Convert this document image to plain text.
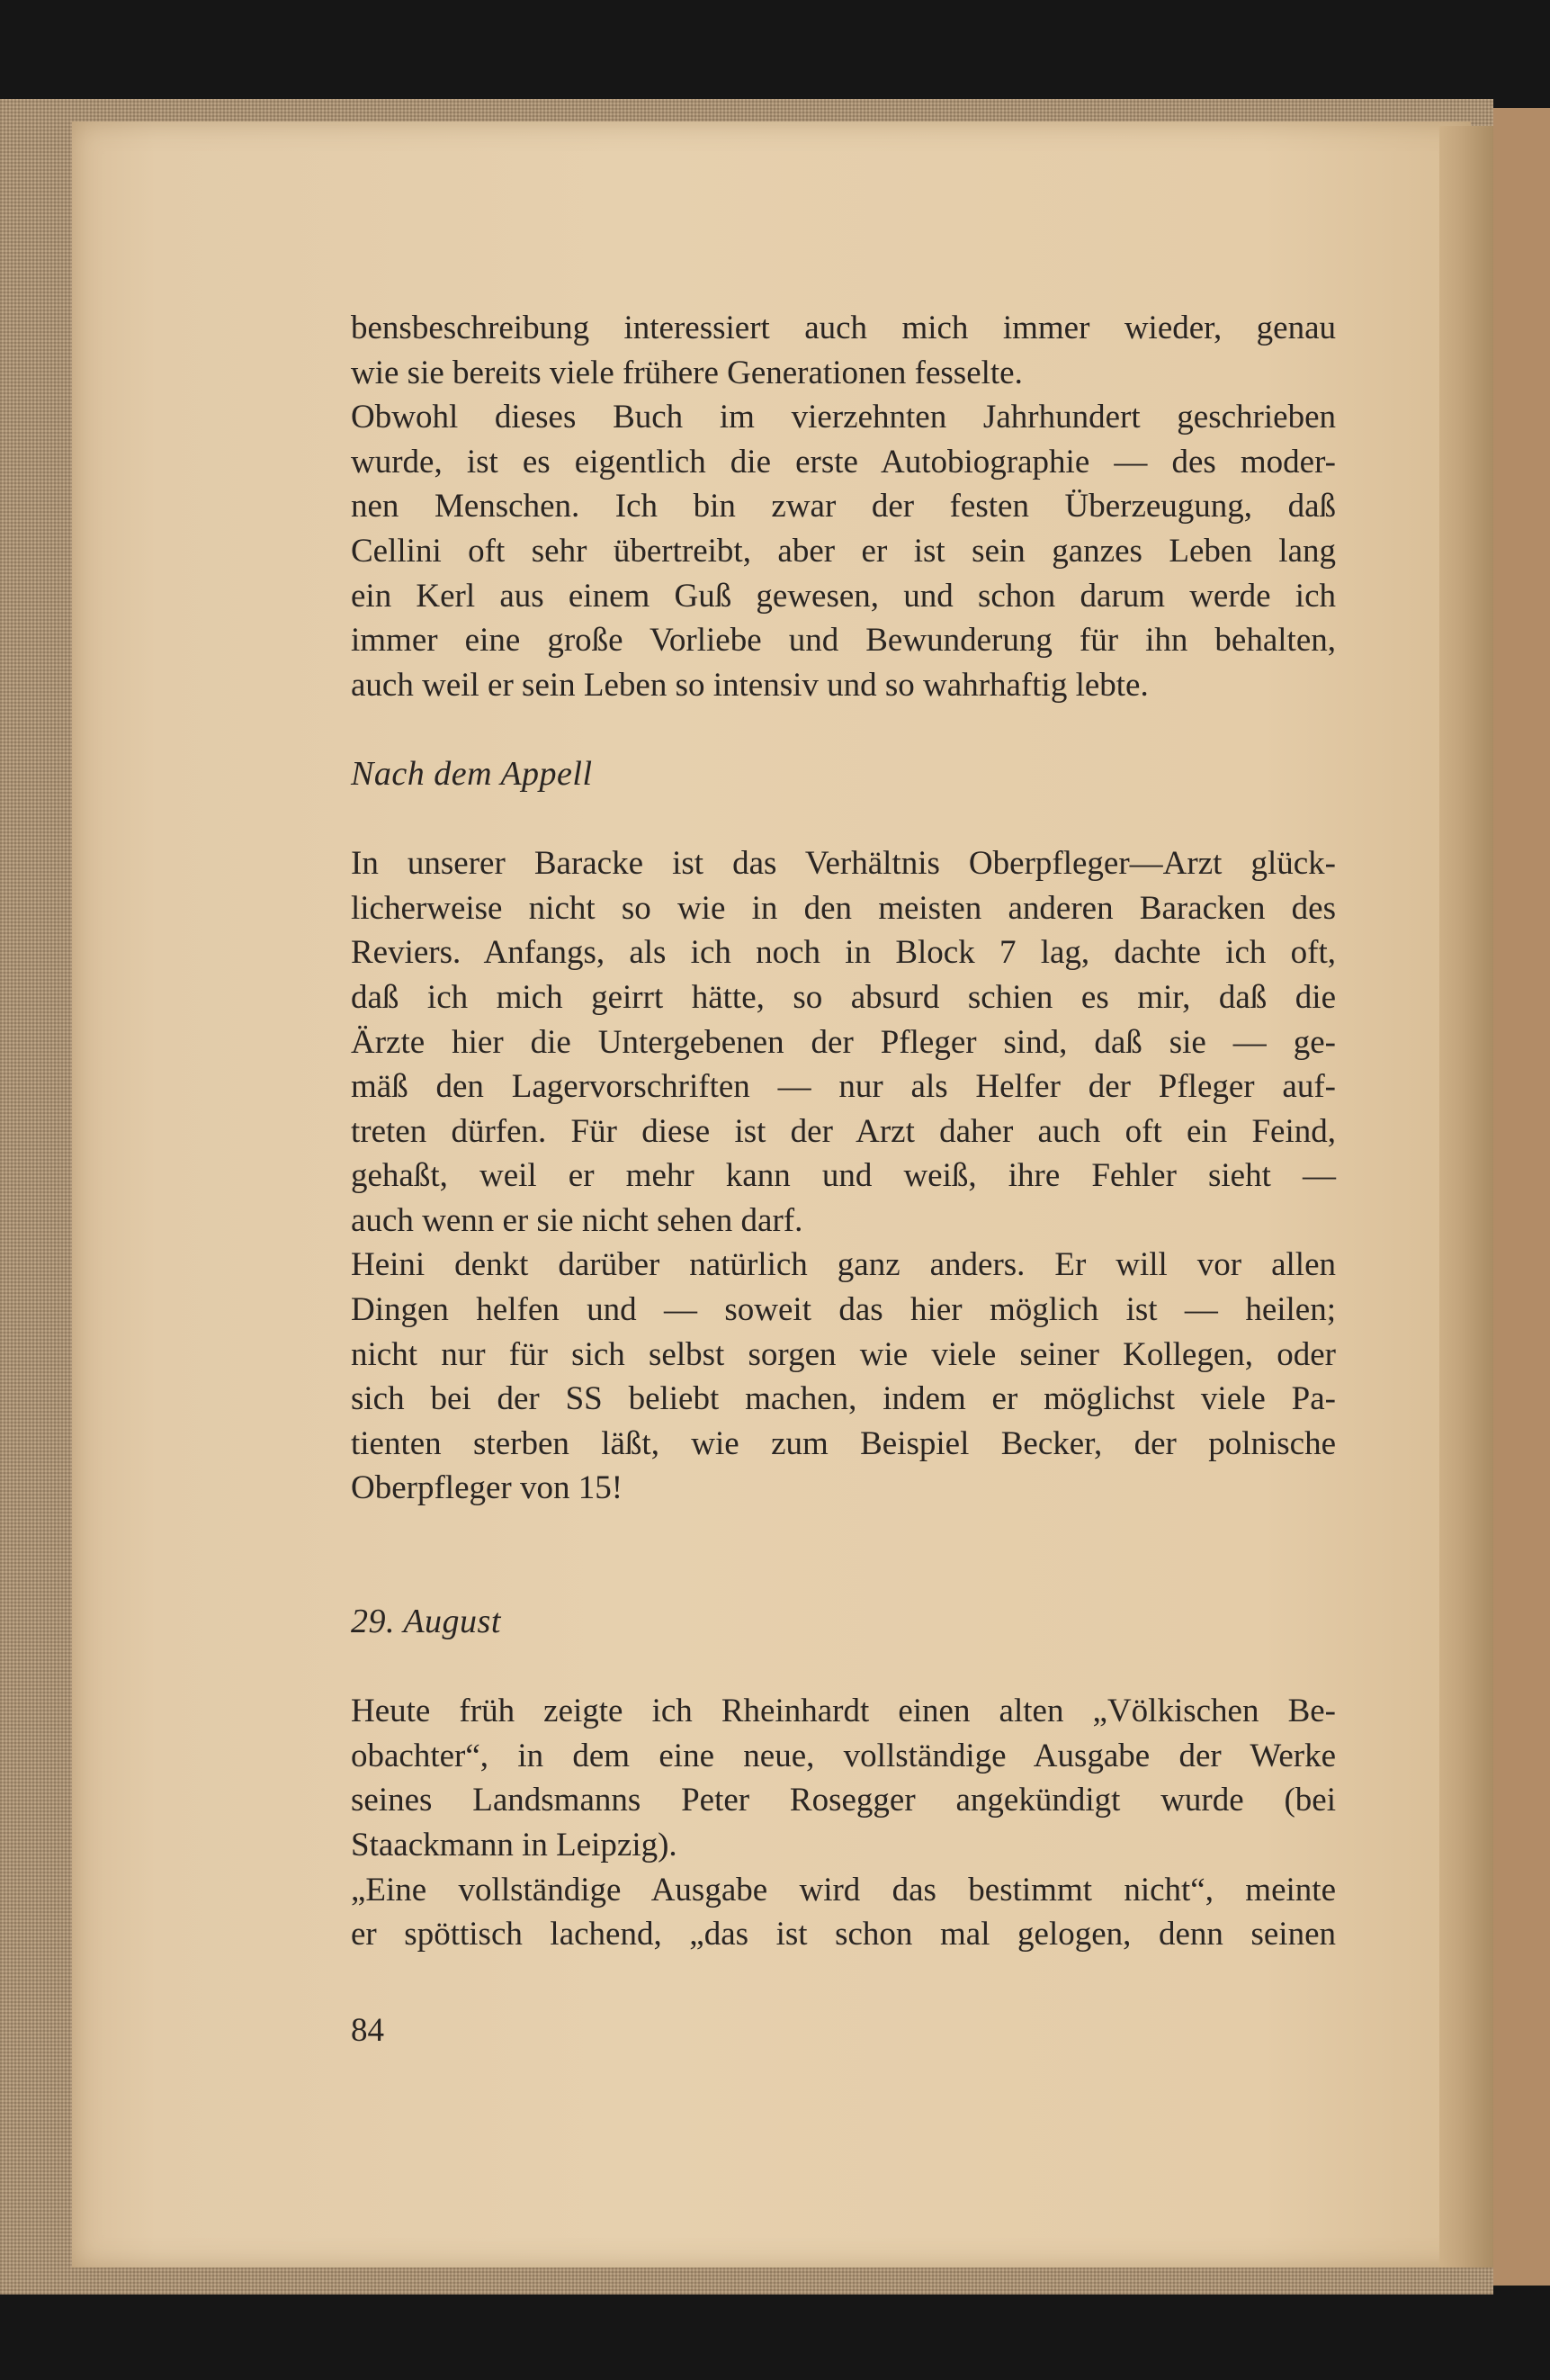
bensbeschreibung interessiert auch mich immer wieder, genau
wie sie bereits viele frühere Generationen fesselte.
Obwohl dieses Buch im vierzehnten Jahrhundert geschrieben
wurde, ist es eigentlich die erste Autobiographie — des moder-
nen Menschen. Ich bin zwar der festen Überzeugung, daß
Cellini oft sehr übertreibt, aber er ist sein ganzes Leben lang
ein Kerl aus einem Guß gewesen, und schon darum werde ich
immer eine große Vorliebe und Bewunderung für ihn behalten,
auch weil er sein Leben so intensiv und so wahrhaftig lebte.
Nach dem Appell
In unserer Baracke ist das Verhältnis Oberpfleger—Arzt glück-
licherweise nicht so wie in den meisten anderen Baracken des
Reviers. Anfangs, als ich noch in Block 7 lag, dachte ich oft,
daß ich mich geirrt hätte, so absurd schien es mir, daß die
Ärzte hier die Untergebenen der Pfleger sind, daß sie — ge-
mäß den Lagervorschriften — nur als Helfer der Pfleger auf-
treten dürfen. Für diese ist der Arzt daher auch oft ein Feind,
gehaßt, weil er mehr kann und weiß, ihre Fehler sieht —
auch wenn er sie nicht sehen darf.
Heini denkt darüber natürlich ganz anders. Er will vor allen
Dingen helfen und — soweit das hier möglich ist — heilen;
nicht nur für sich selbst sorgen wie viele seiner Kollegen, oder
sich bei der SS beliebt machen, indem er möglichst viele Pa-
tienten sterben läßt, wie zum Beispiel Becker, der polnische
Oberpfleger von 15!
29. August
Heute früh zeigte ich Rheinhardt einen alten „Völkischen Be-
obachter“, in dem eine neue, vollständige Ausgabe der Werke
seines Landsmanns Peter Rosegger angekündigt wurde (bei
Staackmann in Leipzig).
„Eine vollständige Ausgabe wird das bestimmt nicht“, meinte
er spöttisch lachend, „das ist schon mal gelogen, denn seinen
84
